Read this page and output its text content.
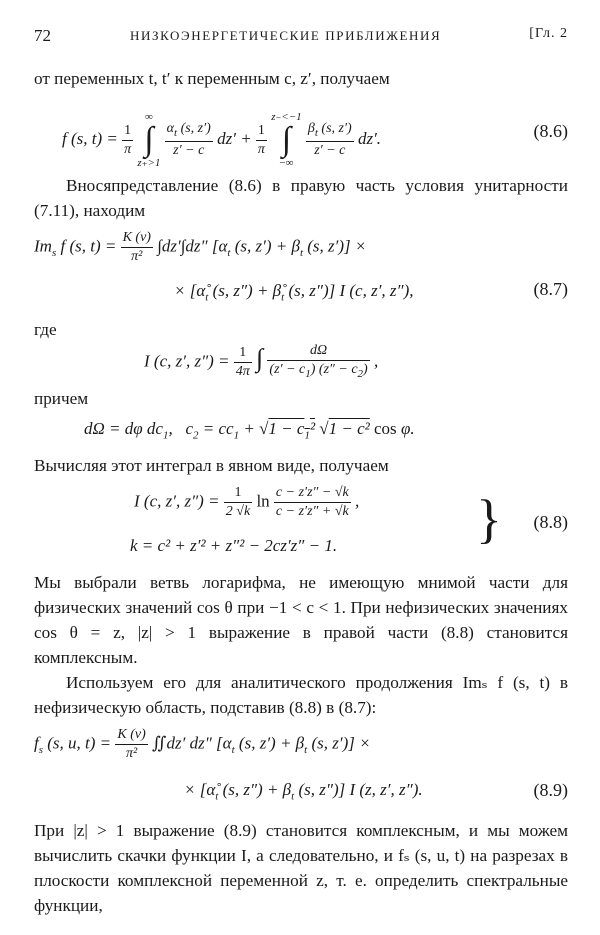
72	НИЗКОЭНЕРГЕТИЧЕСКИЕ ПРИБЛИЖЕНИЯ	[Гл. 2

от переменных t, t′ к переменным c, z′, получаем

f (s, $t) = \frac{1}{\pi}$
∞
∫
z₊>1
$\frac{\alpha_t (s, z')}{z' - c} dz' + \frac{1}{\pi}$
z₋<−1
∫
−∞
$\frac{\beta_t (s, z')}{z' - c} dz'$.	(8.6)

Вносяпредставление (8.6) в правую часть условия унитарности (7.11), находим

$Im_s$ f (s, $t) = \frac{K (\nu)}{\text{π²}} \int dz'\int dz''$ [$\alpha_t$ (s, $z') + \beta_t$ (s, z′)] ×
× [$\alphå_t$ (s, $z'') + \betå_t$ (s, z″)] I (c, z′, z″),	(8.7)

где

I (c, z′, $z'') = \frac{1}{4\pi}$ ∫ $\frac{d\Omega}{(z' - c_1) (z'' - c_2)}$ ,

причем

dΩ = dφ $dc_1$,   $c_2 = cc_1 + √1 - c_1^2$ √1 − c² cos φ.

Вычисляя этот интеграл в явном виде, получаем

I (c, z′, $z'') = \frac{1}{2 √k}$ $\ln \frac{c - z'z'' - √k}{c - z'z'' + √k}$ ,
k = c² + z′² + z″² − 2cz′z″ − 1.	} (8.8)

Мы выбрали ветвь логарифма, не имеющую мнимой части для физических значений cos θ при −1 < c < 1. При нефизических значениях cos θ = z, |z| > 1 выражение в правой части (8.8) становится комплексным.

Используем его для аналитического продолжения Imₛ f (s, t) в нефизическую область, подставив (8.8) в (8.7):

$f_s$ (s, u, $t) = \frac{K (\nu)}{\text{π²}}$ ∬dz′ dz″ [$\alpha_t$ (s, $z') + \beta_t$ (s, z′)] ×
× [$\alphå_t$ (s, $z'') + \beta_t$ (s, z″)] I (z, z′, z″).	(8.9)

При |z| > 1 выражение (8.9) становится комплексным, и мы можем вычислить скачки функции I, а следовательно, и fₛ (s, u, t) на разрезах в плоскости комплексной переменной z, т. е. определить спектральные функции,
